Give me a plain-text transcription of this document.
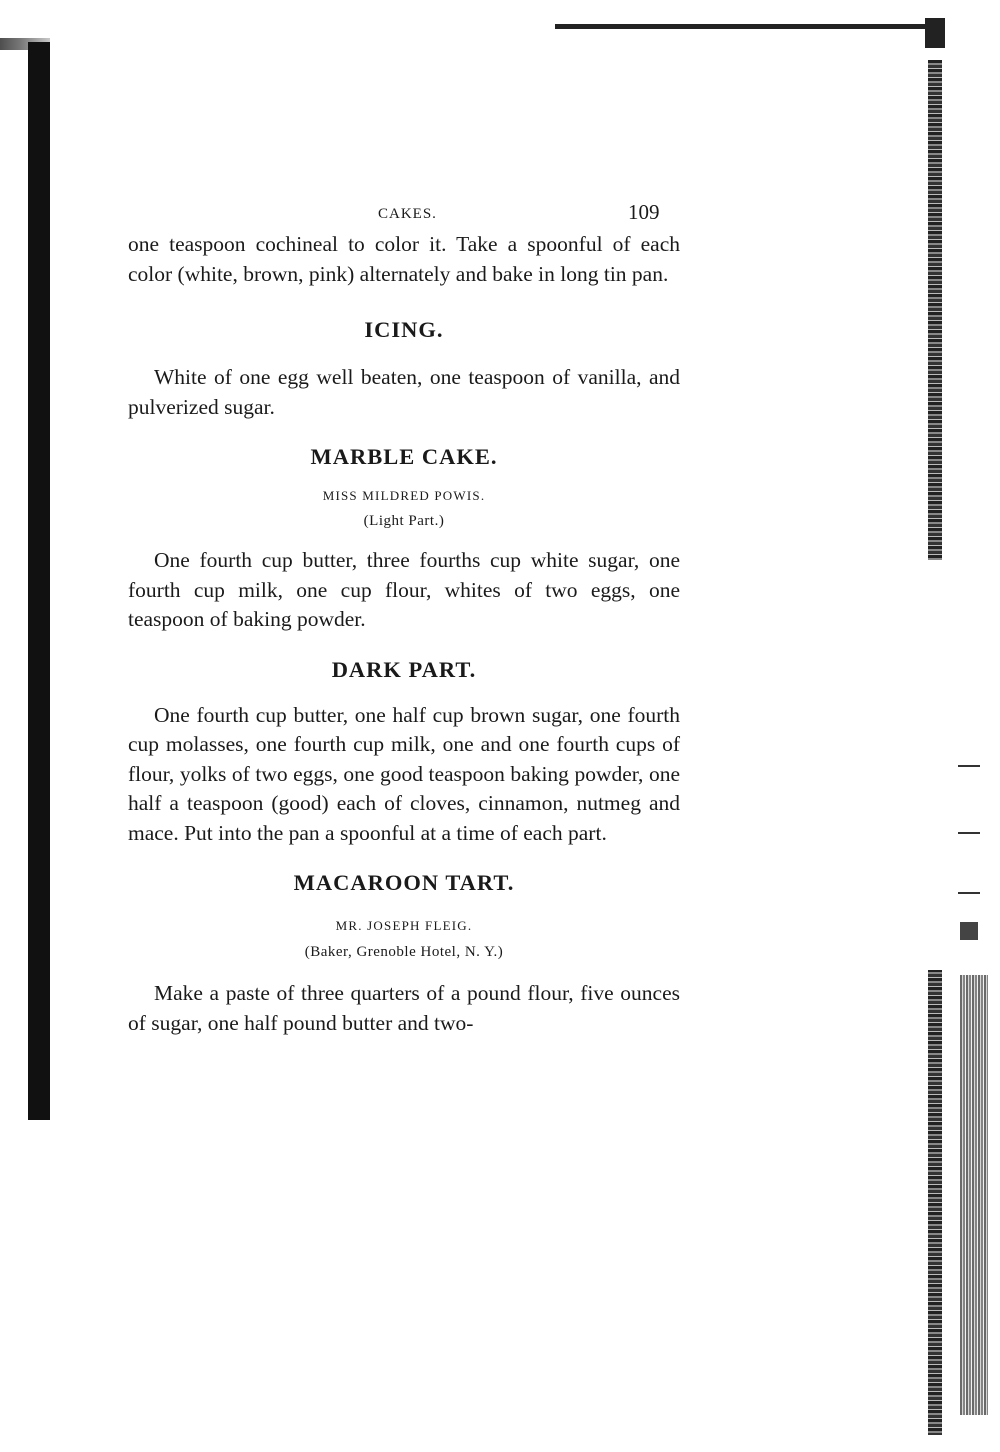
CAKES.	109

one teaspoon cochineal to color it. Take a spoonful of each color (white, brown, pink) alternately and bake in long tin pan.

ICING.

White of one egg well beaten, one teaspoon of vanilla, and pulverized sugar.

MARBLE CAKE.
MISS MILDRED POWIS.
(Light Part.)

One fourth cup butter, three fourths cup white sugar, one fourth cup milk, one cup flour, whites of two eggs, one teaspoon of baking powder.

DARK PART.

One fourth cup butter, one half cup brown sugar, one fourth cup molasses, one fourth cup milk, one and one fourth cups of flour, yolks of two eggs, one good teaspoon baking powder, one half a teaspoon (good) each of cloves, cinnamon, nutmeg and mace. Put into the pan a spoonful at a time of each part.

MACAROON TART.
MR. JOSEPH FLEIG.
(Baker, Grenoble Hotel, N. Y.)

Make a paste of three quarters of a pound flour, five ounces of sugar, one half pound butter and two-
